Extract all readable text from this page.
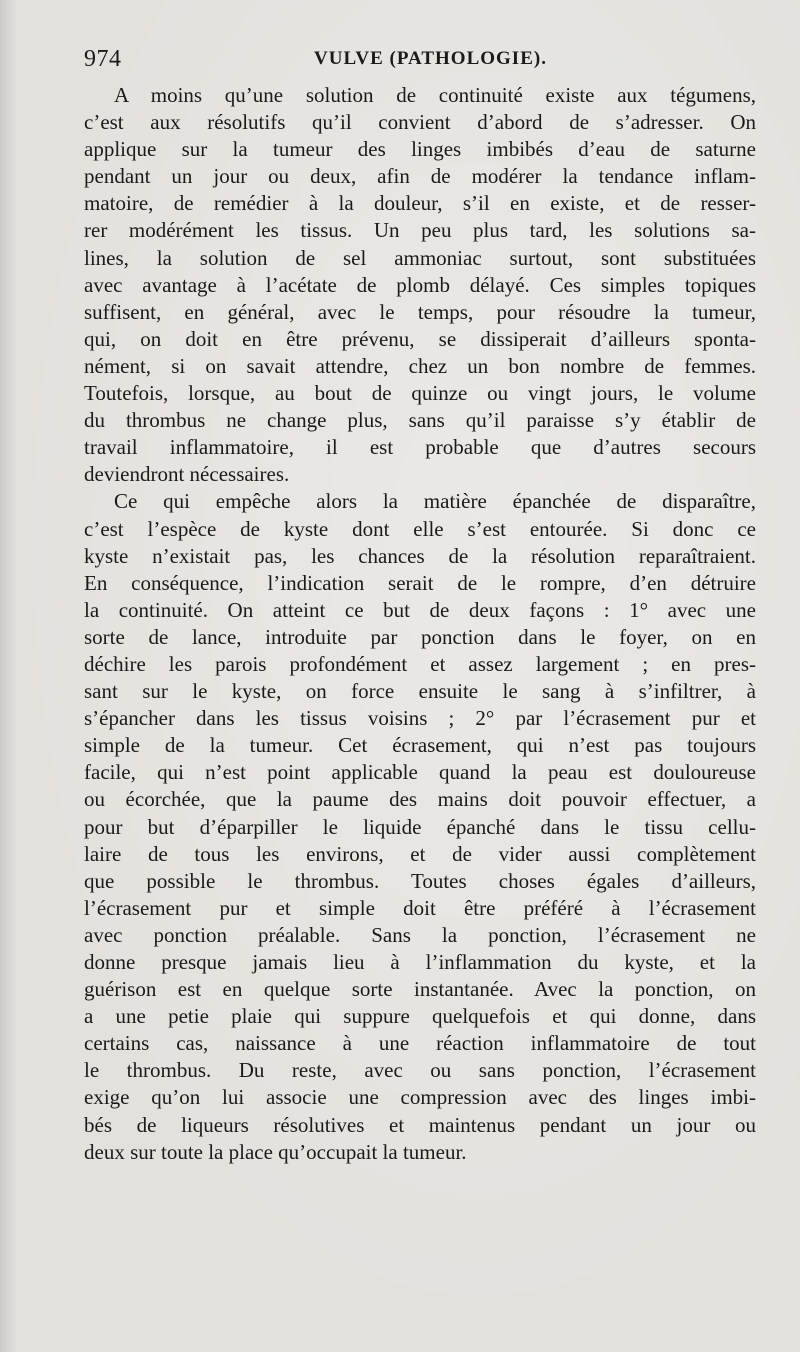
974	VULVE (PATHOLOGIE).
A moins qu’une solution de continuité existe aux tégumens,
c’est aux résolutifs qu’il convient d’abord de s’adresser. On
applique sur la tumeur des linges imbibés d’eau de saturne
pendant un jour ou deux, afin de modérer la tendance inflam-
matoire, de remédier à la douleur, s’il en existe, et de resser-
rer modérément les tissus. Un peu plus tard, les solutions sa-
lines, la solution de sel ammoniac surtout, sont substituées
avec avantage à l’acétate de plomb délayé. Ces simples topiques
suffisent, en général, avec le temps, pour résoudre la tumeur,
qui, on doit en être prévenu, se dissiperait d’ailleurs sponta-
nément, si on savait attendre, chez un bon nombre de femmes.
Toutefois, lorsque, au bout de quinze ou vingt jours, le volume
du thrombus ne change plus, sans qu’il paraisse s’y établir de
travail inflammatoire, il est probable que d’autres secours
deviendront nécessaires.
Ce qui empêche alors la matière épanchée de disparaître,
c’est l’espèce de kyste dont elle s’est entourée. Si donc ce
kyste n’existait pas, les chances de la résolution reparaîtraient.
En conséquence, l’indication serait de le rompre, d’en détruire
la continuité. On atteint ce but de deux façons : 1° avec une
sorte de lance, introduite par ponction dans le foyer, on en
déchire les parois profondément et assez largement ; en pres-
sant sur le kyste, on force ensuite le sang à s’infiltrer, à
s’épancher dans les tissus voisins ; 2° par l’écrasement pur et
simple de la tumeur. Cet écrasement, qui n’est pas toujours
facile, qui n’est point applicable quand la peau est douloureuse
ou écorchée, que la paume des mains doit pouvoir effectuer, a
pour but d’éparpiller le liquide épanché dans le tissu cellu-
laire de tous les environs, et de vider aussi complètement
que possible le thrombus. Toutes choses égales d’ailleurs,
l’écrasement pur et simple doit être préféré à l’écrasement
avec ponction préalable. Sans la ponction, l’écrasement ne
donne presque jamais lieu à l’inflammation du kyste, et la
guérison est en quelque sorte instantanée. Avec la ponction, on
a une petie plaie qui suppure quelquefois et qui donne, dans
certains cas, naissance à une réaction inflammatoire de tout
le thrombus. Du reste, avec ou sans ponction, l’écrasement
exige qu’on lui associe une compression avec des linges imbi-
bés de liqueurs résolutives et maintenus pendant un jour ou
deux sur toute la place qu’occupait la tumeur.
